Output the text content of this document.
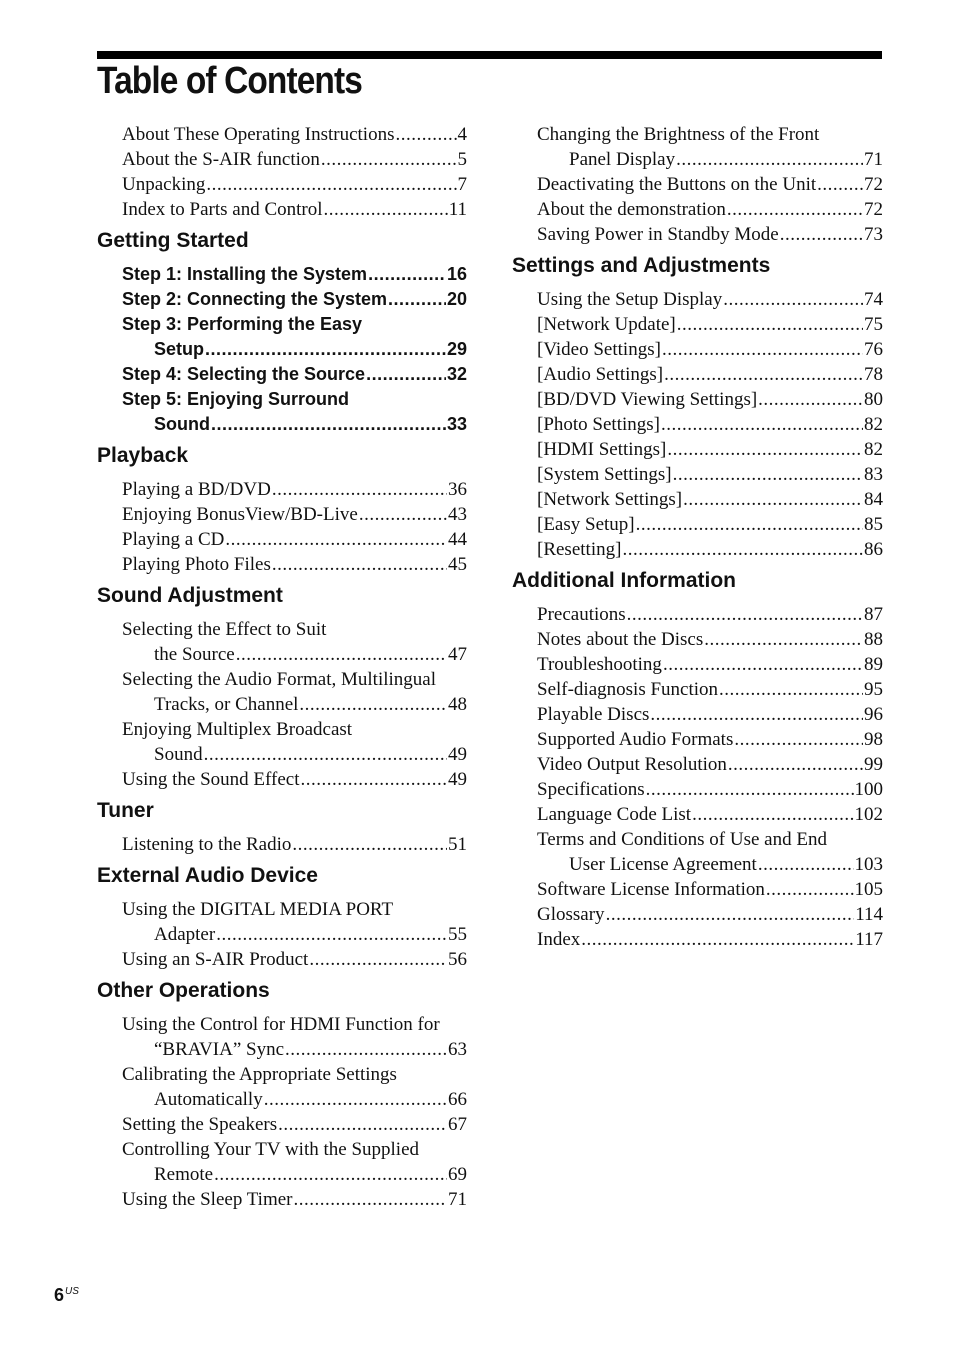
Table of Contents
About These Operating Instructions .....	4
About the S-AIR function .....	5
Unpacking .....	7
Index to Parts and Control .....	11
Getting Started
Step 1: Installing the System .....	16
Step 2: Connecting the System .....	20
Step 3: Performing the Easy
Setup .....	29
Step 4: Selecting the Source .....	32
Step 5: Enjoying Surround
Sound .....	33
Playback
Playing a BD/DVD .....	36
Enjoying BonusView/BD-Live .....	43
Playing a CD .....	44
Playing Photo Files .....	45
Sound Adjustment
Selecting the Effect to Suit
the Source .....	47
Selecting the Audio Format, Multilingual
Tracks, or Channel .....	48
Enjoying Multiplex Broadcast
Sound .....	49
Using the Sound Effect .....	49
Tuner
Listening to the Radio .....	51
External Audio Device
Using the DIGITAL MEDIA PORT
Adapter .....	55
Using an S-AIR Product .....	56
Other Operations
Using the Control for HDMI Function for
“BRAVIA” Sync .....	63
Calibrating the Appropriate Settings
Automatically .....	66
Setting the Speakers .....	67
Controlling Your TV with the Supplied
Remote .....	69
Using the Sleep Timer .....	71
Changing the Brightness of the Front
Panel Display .....	71
Deactivating the Buttons on the Unit .....	72
About the demonstration .....	72
Saving Power in Standby Mode .....	73
Settings and Adjustments
Using the Setup Display .....	74
[Network Update] .....	75
[Video Settings] .....	76
[Audio Settings] .....	78
[BD/DVD Viewing Settings] .....	80
[Photo Settings] .....	82
[HDMI Settings] .....	82
[System Settings] .....	83
[Network Settings] .....	84
[Easy Setup] .....	85
[Resetting] .....	86
Additional Information
Precautions .....	87
Notes about the Discs .....	88
Troubleshooting .....	89
Self-diagnosis Function .....	95
Playable Discs .....	96
Supported Audio Formats .....	98
Video Output Resolution .....	99
Specifications .....	100
Language Code List .....	102
Terms and Conditions of Use and End
User License Agreement .....	103
Software License Information .....	105
Glossary .....	114
Index .....	117
$6^{US}$
